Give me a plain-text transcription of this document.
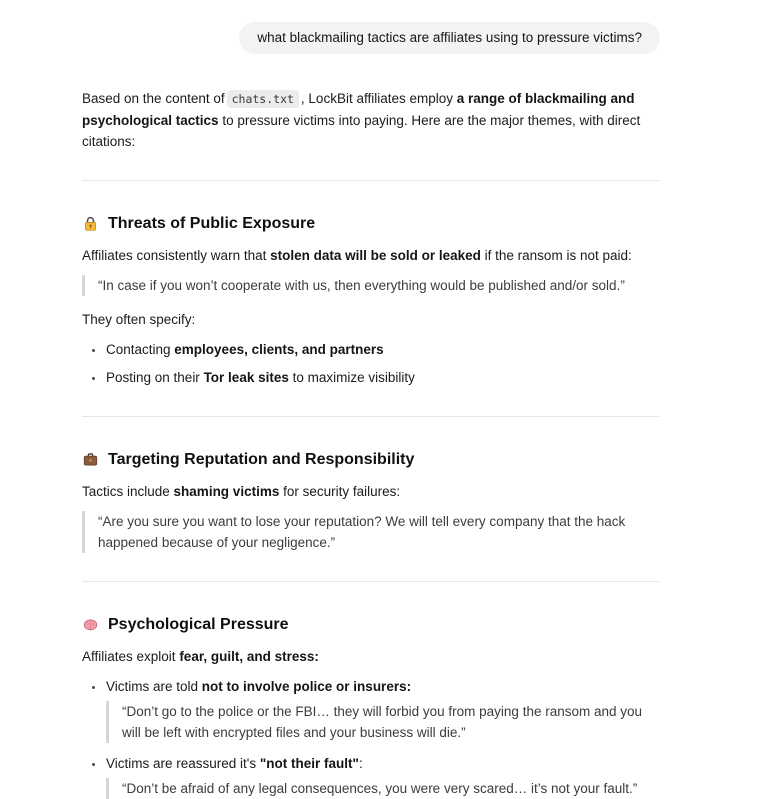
what blackmailing tactics are affiliates using to pressure victims?

Based on the content of chats.txt , LockBit affiliates employ a range of blackmailing and psychological tactics to pressure victims into paying. Here are the major themes, with direct citations:

Threats of Public Exposure

Affiliates consistently warn that stolen data will be sold or leaked if the ransom is not paid:

“In case if you won’t cooperate with us, then everything would be published and/or sold.”

They often specify:

• Contacting employees, clients, and partners
• Posting on their Tor leak sites to maximize visibility
Targeting Reputation and Responsibility

Tactics include shaming victims for security failures:

“Are you sure you want to lose your reputation? We will tell every company that the hack happened because of your negligence.”

Psychological Pressure

Affiliates exploit fear, guilt, and stress:

• Victims are told not to involve police or insurers:

“Don’t go to the police or the FBI… they will forbid you from paying the ransom and you will be left with encrypted files and your business will die.”

• Victims are reassured it's "not their fault":

“Don’t be afraid of any legal consequences, you were very scared… it’s not your fault.”
